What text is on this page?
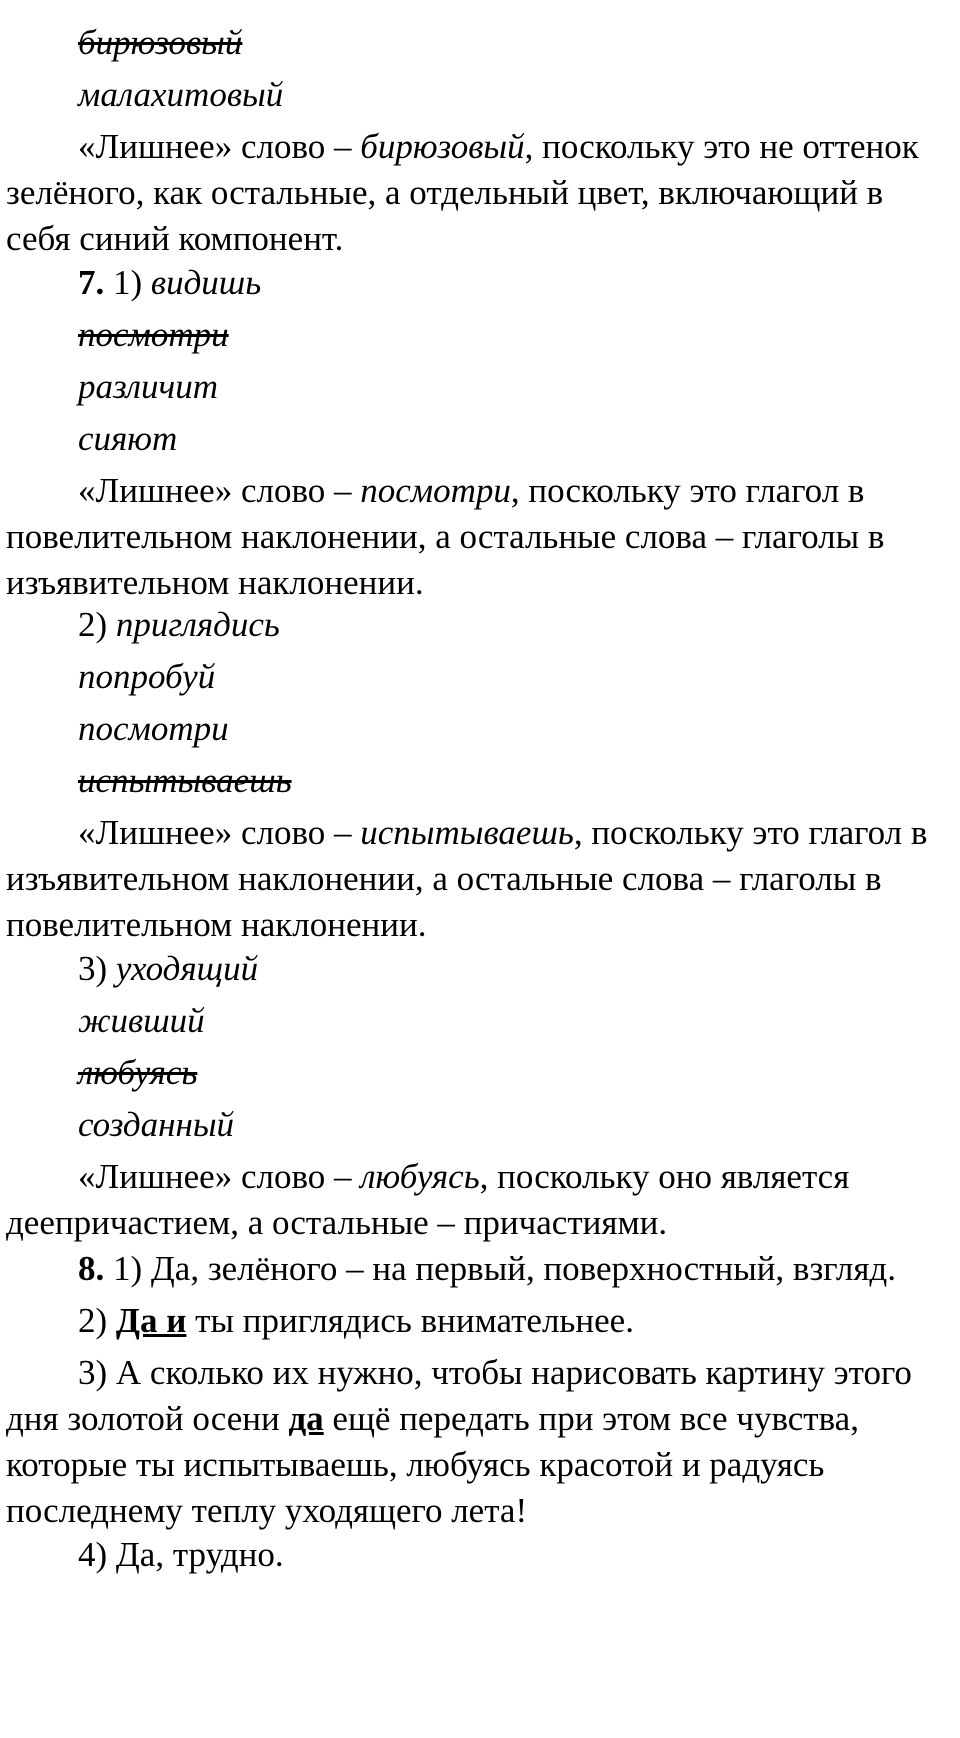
бирюзовый

малахитовый

«Лишнее» слово – бирюзовый, поскольку это не оттенок зелёного, как остальные, а отдельный цвет, включающий в себя синий компонент.

7. 1) видишь

посмотри

различит

сияют

«Лишнее» слово – посмотри, поскольку это глагол в повелительном наклонении, а остальные слова – глаголы в изъявительном наклонении.

2) приглядись

попробуй

посмотри

испытываешь

«Лишнее» слово – испытываешь, поскольку это глагол в изъявительном наклонении, а остальные слова – глаголы в повелительном наклонении.

3) уходящий

живший

любуясь

созданный

«Лишнее» слово – любуясь, поскольку оно является деепричастием, а остальные – причастиями.

8. 1) Да, зелёного – на первый, поверхностный, взгляд.

2) Да и ты приглядись внимательнее.

3) А сколько их нужно, чтобы нарисовать картину этого дня золотой осени да ещё передать при этом все чувства, которые ты испытываешь, любуясь красотой и радуясь последнему теплу уходящего лета!

4) Да, трудно.
